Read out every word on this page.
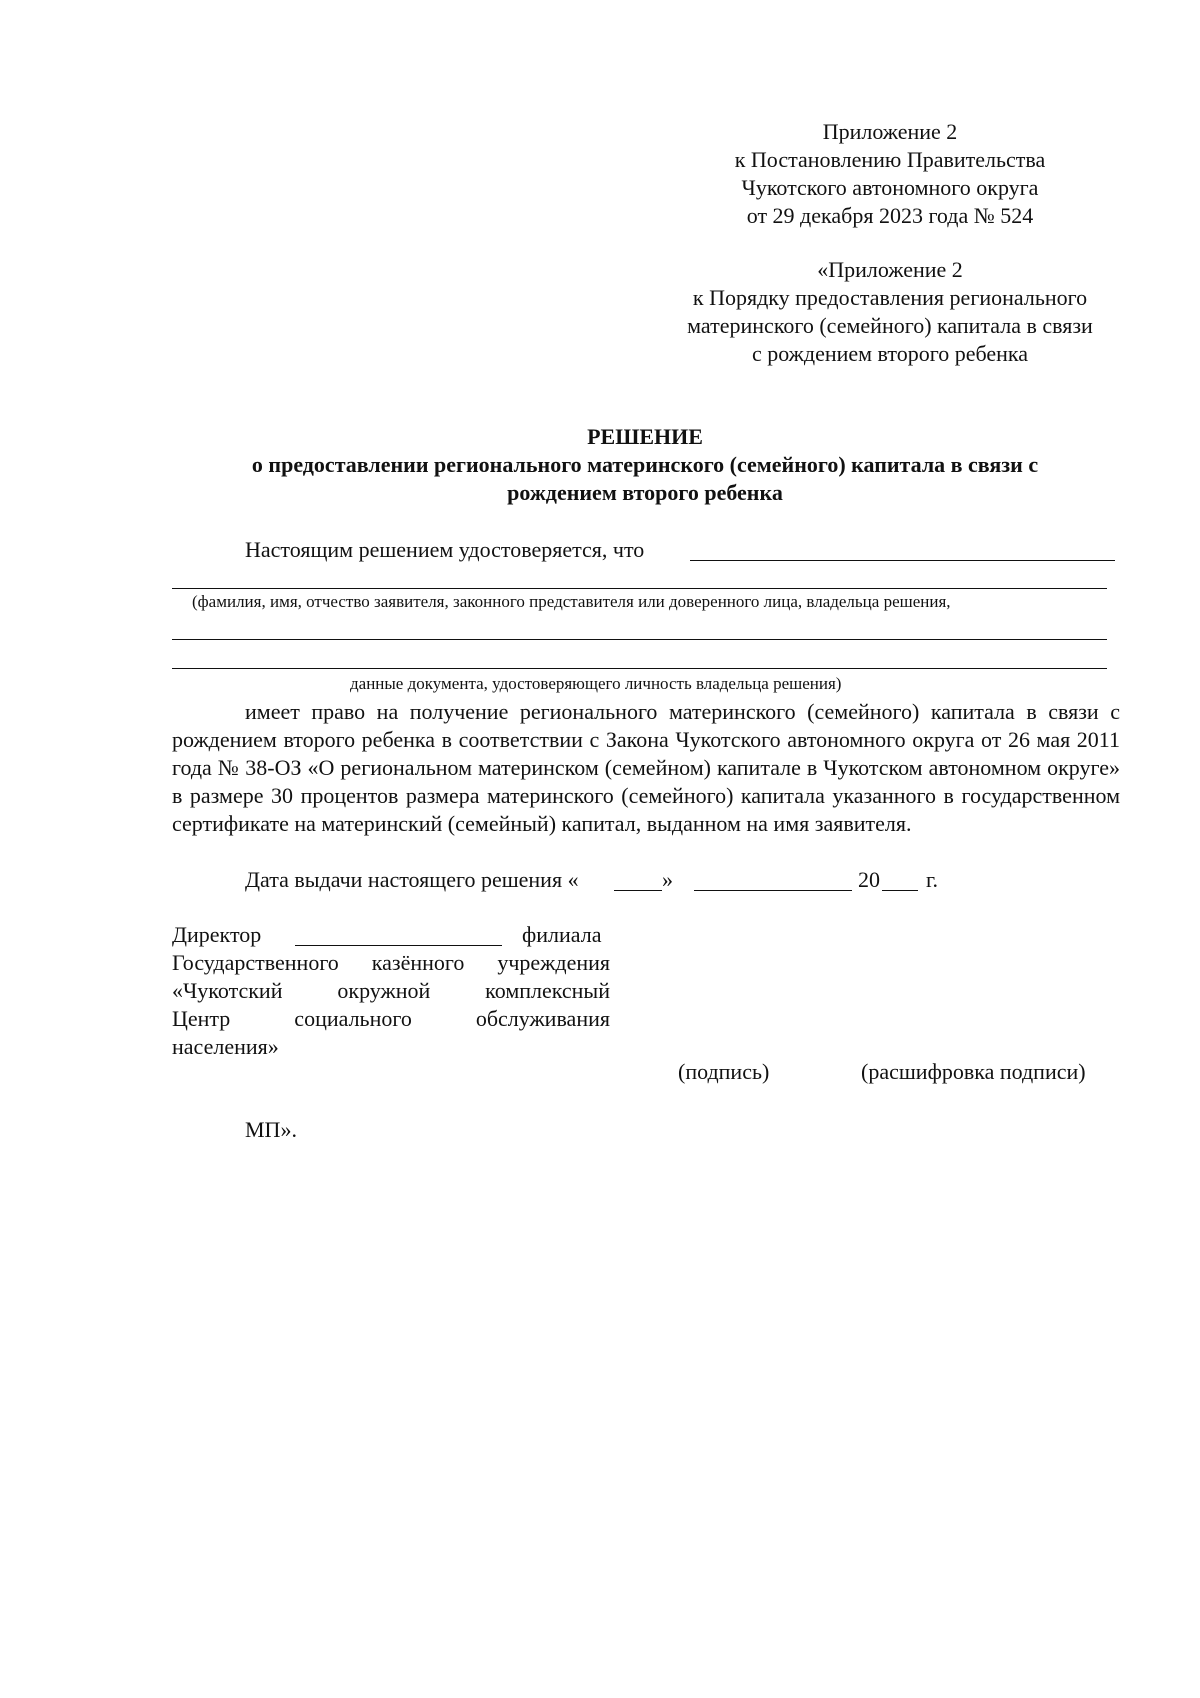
Приложение 2
к Постановлению Правительства
Чукотского автономного округа
от 29 декабря 2023 года № 524
«Приложение 2
к Порядку предоставления регионального
материнского (семейного) капитала в связи
с рождением второго ребенка
РЕШЕНИЕ
о предоставлении регионального материнского (семейного) капитала в связи с
рождением второго ребенка
Настоящим решением удостоверяется, что
(фамилия, имя, отчество заявителя, законного представителя или доверенного лица, владельца решения,
данные документа, удостоверяющего личность владельца решения)
имеет право на получение регионального материнского (семейного) капитала в связи с рождением второго ребенка в соответствии с Закона Чукотского автономного округа от 26 мая 2011 года № 38-ОЗ «О региональном материнском (семейном) капитале в Чукотском автономном округе» в размере 30 процентов размера материнского (семейного) капитала указанного в государственном сертификате на материнский (семейный) капитал, выданном на имя заявителя.
Дата выдачи настоящего решения «	»	20 г.
Директор	филиала
Государственного казённого учреждения
«Чукотский окружной комплексный
Центр социального обслуживания
населения»
(подпись)	(расшифровка подписи)
МП».
